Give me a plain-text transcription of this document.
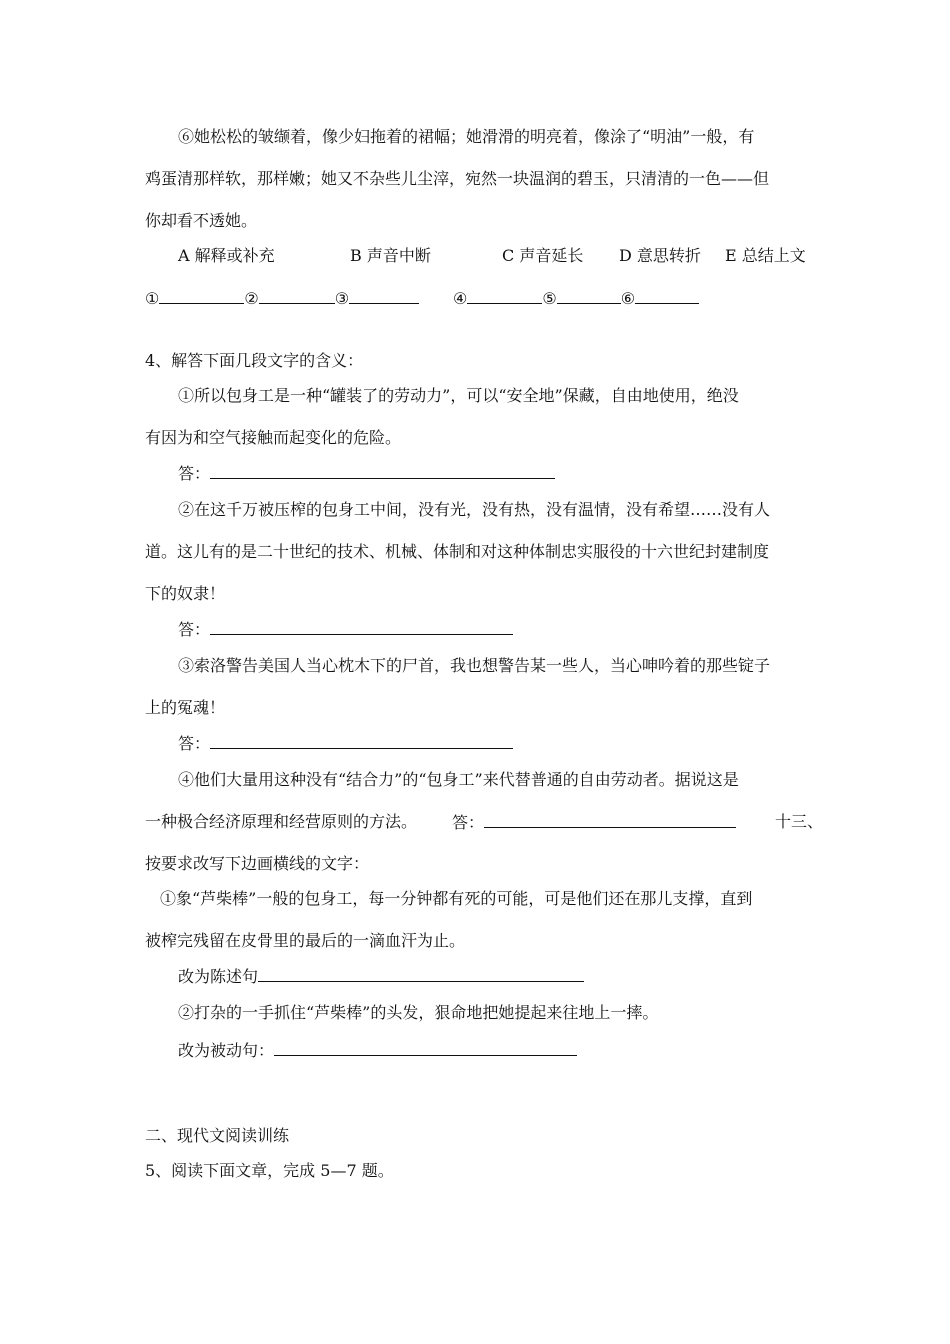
⑥她松松的皱缬着，像少妇拖着的裙幅；她滑滑的明亮着，像涂了“明油”一般，有
鸡蛋清那样软，那样嫩；她又不杂些儿尘滓，宛然一块温润的碧玉，只清清的一色——但
你却看不透她。
A 解释或补充	B 声音中断	C 声音延长 D 意思转折 E 总结上文
①	②	③	④	⑤	⑥
4、解答下面几段文字的含义：
①所以包身工是一种“罐装了的劳动力”，可以“安全地”保藏，自由地使用，绝没
有因为和空气接触而起变化的危险。
答：
②在这千万被压榨的包身工中间，没有光，没有热，没有温情，没有希望……没有人
道。这儿有的是二十世纪的技术、机械、体制和对这种体制忠实服役的十六世纪封建制度
下的奴隶！
答：
③索洛警告美国人当心枕木下的尸首，我也想警告某一些人，当心呻吟着的那些锭子
上的冤魂！
答：
④他们大量用这种没有“结合力”的“包身工”来代替普通的自由劳动者。据说这是
一种极合经济原理和经营原则的方法。 答：	十三、
按要求改写下边画横线的文字：
①象“芦柴棒”一般的包身工，每一分钟都有死的可能，可是他们还在那儿支撑，直到
被榨完残留在皮骨里的最后的一滴血汗为止。
改为陈述句
②打杂的一手抓住“芦柴棒”的头发，狠命地把她提起来往地上一摔。
改为被动句：
二、现代文阅读训练
5、阅读下面文章，完成 5—7 题。
